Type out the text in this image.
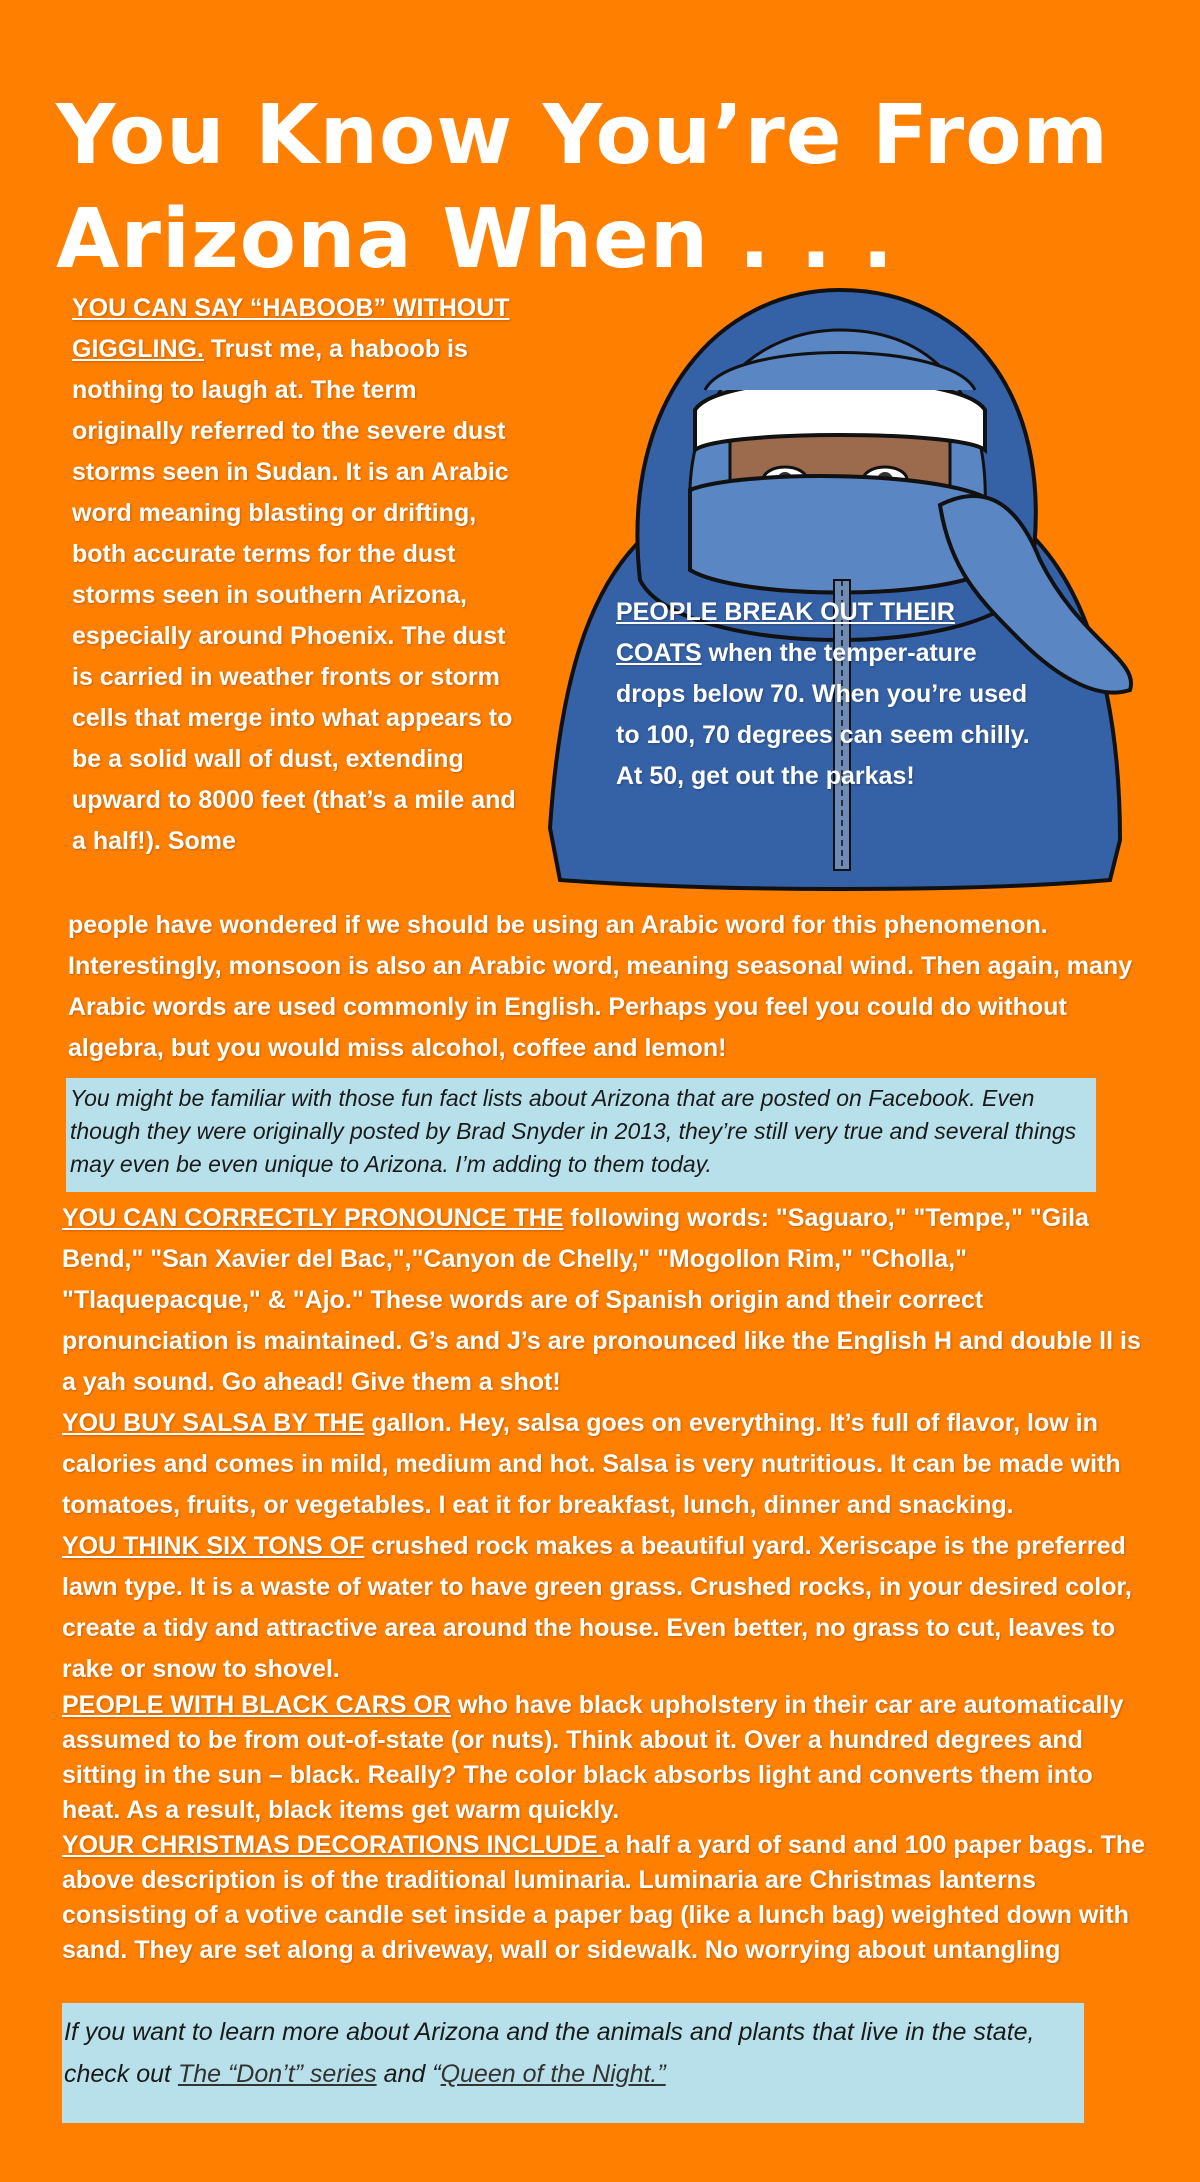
You Know You’re From
Arizona When . . .
PEOPLE BREAK OUT THEIR COATS when the temper-ature drops below 70. When you’re used to 100, 70 degrees can seem chilly. At 50, get out the parkas!
YOU CAN SAY “HABOOB” WITHOUT GIGGLING. Trust me, a haboob is nothing to laugh at. The term originally referred to the severe dust storms seen in Sudan. It is an Arabic word meaning blasting or drifting, both accurate terms for the dust storms seen in southern Arizona, especially around Phoenix. The dust is carried in weather fronts or storm cells that merge into what appears to be a solid wall of dust, extending upward to 8000 feet (that’s a mile and a half!). Some
people have wondered if we should be using an Arabic word for this phenomenon. Interestingly, monsoon is also an Arabic word, meaning seasonal wind. Then again, many Arabic words are used commonly in English. Perhaps you feel you could do without algebra, but you would miss alcohol, coffee and lemon!
You might be familiar with those fun fact lists about Arizona that are posted on Facebook. Even though they were originally posted by Brad Snyder in 2013, they’re still very true and several things may even be even unique to Arizona. I’m adding to them today.

YOU CAN CORRECTLY PRONOUNCE THE following words: "Saguaro," "Tempe," "Gila Bend," "San Xavier del Bac,","Canyon de Chelly," "Mogollon Rim," "Cholla," "Tlaquepacque," & "Ajo." These words are of Spanish origin and their correct pronunciation is maintained. G’s and J’s are pronounced like the English H and double ll is a yah sound. Go ahead! Give them a shot!

YOU BUY SALSA BY THE gallon. Hey, salsa goes on everything. It’s full of flavor, low in calories and comes in mild, medium and hot. Salsa is very nutritious. It can be made with tomatoes, fruits, or vegetables. I eat it for breakfast, lunch, dinner and snacking.

YOU THINK SIX TONS OF crushed rock makes a beautiful yard. Xeriscape is the preferred lawn type. It is a waste of water to have green grass. Crushed rocks, in your desired color, create a tidy and attractive area around the house. Even better, no grass to cut, leaves to rake or snow to shovel.

PEOPLE WITH BLACK CARS OR who have black upholstery in their car are automatically assumed to be from out-of-state (or nuts). Think about it. Over a hundred degrees and sitting in the sun – black. Really? The color black absorbs light and converts them into heat. As a result, black items get warm quickly.

YOUR CHRISTMAS DECORATIONS INCLUDE a half a yard of sand and 100 paper bags. The above description is of the traditional luminaria. Luminaria are Christmas lanterns consisting of a votive candle set inside a paper bag (like a lunch bag) weighted down with sand. They are set along a driveway, wall or sidewalk. No worrying about untangling

If you want to learn more about Arizona and the animals and plants that live in the state, check out The “Don’t” series and “Queen of the Night.”
